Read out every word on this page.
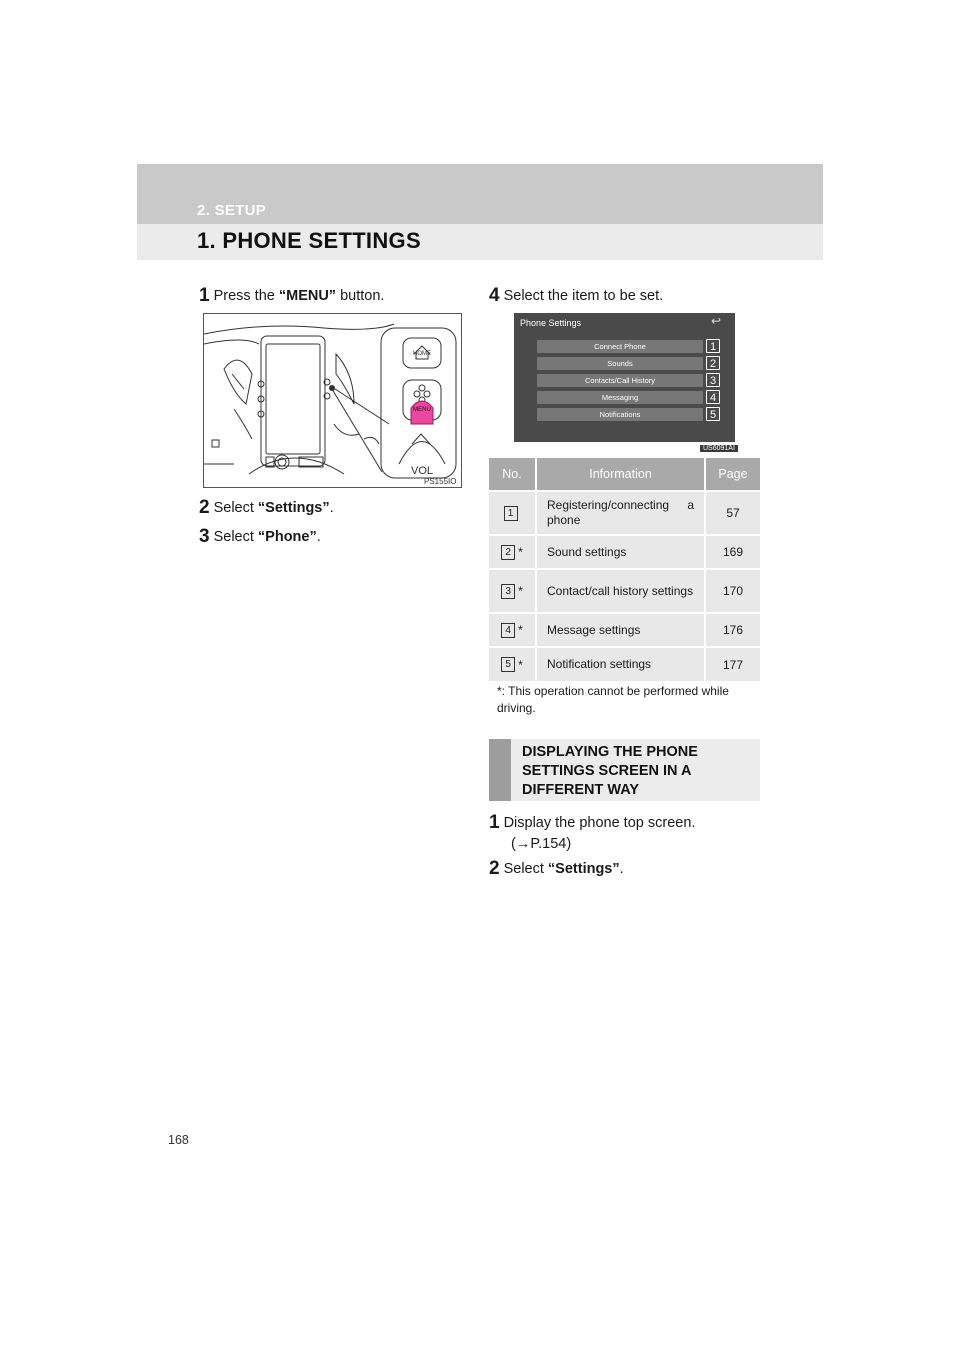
2. SETUP
1. PHONE SETTINGS
1 Press the “MENU” button.
HOME
MENU
VOL
PS155IO
2 Select “Settings”.
3 Select “Phone”.
4 Select the item to be set.
Phone Settings	↩
Connect Phone
Sounds
Contacts/Call History
Messaging
Notifications
1
2
3
4
5
US6091AI
No.	Information	Page
1	Registering/connecting a phone	57
2 *	Sound settings	169
3 *	Contact/call history settings	170
4 *	Message settings	176
5 *	Notification settings	177
*: This operation cannot be performed while driving.
DISPLAYING THE PHONE SETTINGS SCREEN IN A DIFFERENT WAY
1 Display the phone top screen.
(→P.154)
2 Select “Settings”.
168
